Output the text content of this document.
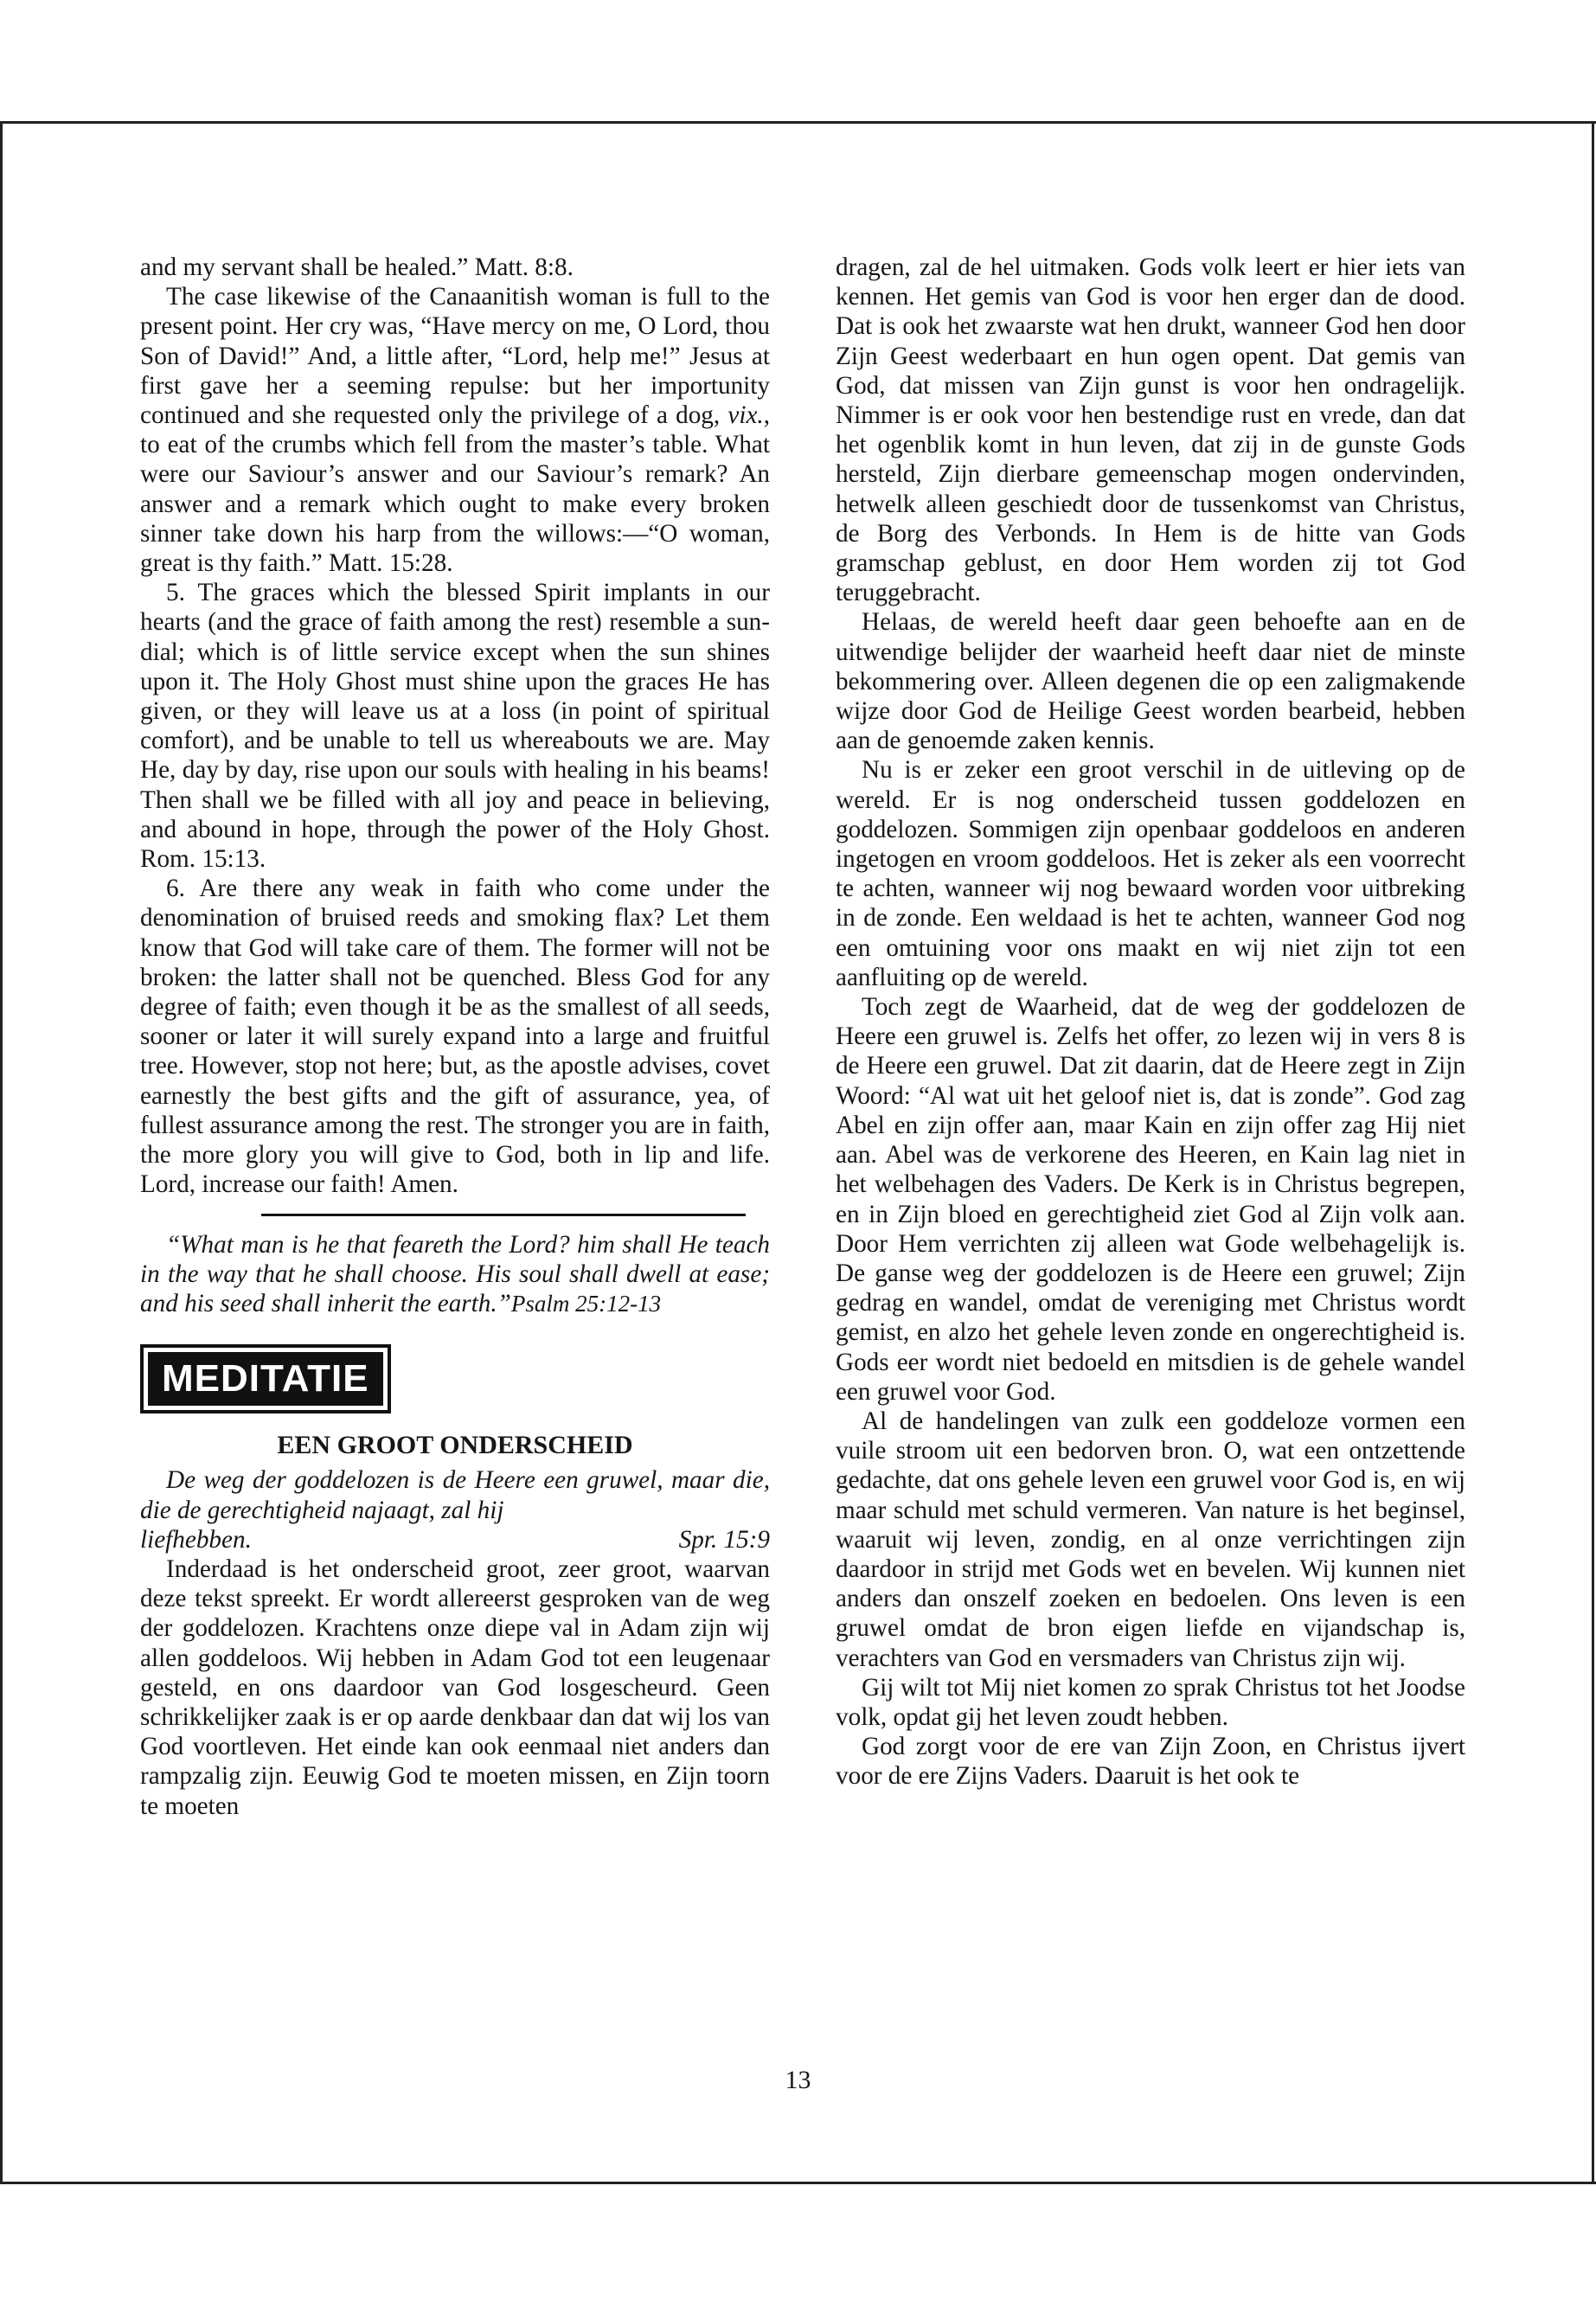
and my servant shall be healed.” Matt. 8:8.

The case likewise of the Canaanitish woman is full to the present point. Her cry was, “Have mercy on me, O Lord, thou Son of David!” And, a little after, “Lord, help me!” Jesus at first gave her a seeming repulse: but her importunity continued and she requested only the privilege of a dog, vix., to eat of the crumbs which fell from the master’s table. What were our Saviour’s answer and our Saviour’s remark? An answer and a remark which ought to make every broken sinner take down his harp from the willows:—“O woman, great is thy faith.” Matt. 15:28.

5. The graces which the blessed Spirit implants in our hearts (and the grace of faith among the rest) resemble a sun-dial; which is of little service except when the sun shines upon it. The Holy Ghost must shine upon the graces He has given, or they will leave us at a loss (in point of spiritual comfort), and be unable to tell us whereabouts we are. May He, day by day, rise upon our souls with healing in his beams! Then shall we be filled with all joy and peace in believing, and abound in hope, through the power of the Holy Ghost. Rom. 15:13.

6. Are there any weak in faith who come under the denomination of bruised reeds and smoking flax? Let them know that God will take care of them. The former will not be broken: the latter shall not be quenched. Bless God for any degree of faith; even though it be as the smallest of all seeds, sooner or later it will surely expand into a large and fruitful tree. However, stop not here; but, as the apostle advises, covet earnestly the best gifts and the gift of assurance, yea, of fullest assurance among the rest. The stronger you are in faith, the more glory you will give to God, both in lip and life. Lord, increase our faith! Amen.

“What man is he that feareth the Lord? him shall He teach in the way that he shall choose. His soul shall dwell at ease; and his seed shall inherit the earth.”Psalm 25:12-13

MEDITATIE
EEN GROOT ONDERSCHEID

De weg der goddelozen is de Heere een gruwel, maar die, die de gerechtigheid najaagt, zal hij

liefhebben.	Spr. 15:9

Inderdaad is het onderscheid groot, zeer groot, waarvan deze tekst spreekt. Er wordt allereerst gesproken van de weg der goddelozen. Krachtens onze diepe val in Adam zijn wij allen goddeloos. Wij hebben in Adam God tot een leugenaar gesteld, en ons daardoor van God losgescheurd. Geen schrikkelijker zaak is er op aarde denkbaar dan dat wij los van God voortleven. Het einde kan ook eenmaal niet anders dan rampzalig zijn. Eeuwig God te moeten missen, en Zijn toorn te moeten

dragen, zal de hel uitmaken. Gods volk leert er hier iets van kennen. Het gemis van God is voor hen erger dan de dood. Dat is ook het zwaarste wat hen drukt, wanneer God hen door Zijn Geest wederbaart en hun ogen opent. Dat gemis van God, dat missen van Zijn gunst is voor hen ondragelijk. Nimmer is er ook voor hen bestendige rust en vrede, dan dat het ogenblik komt in hun leven, dat zij in de gunste Gods hersteld, Zijn dierbare gemeenschap mogen ondervinden, hetwelk alleen geschiedt door de tussenkomst van Christus, de Borg des Verbonds. In Hem is de hitte van Gods gramschap geblust, en door Hem worden zij tot God teruggebracht.

Helaas, de wereld heeft daar geen behoefte aan en de uitwendige belijder der waarheid heeft daar niet de minste bekommering over. Alleen degenen die op een zaligmakende wijze door God de Heilige Geest worden bearbeid, hebben aan de genoemde zaken kennis.

Nu is er zeker een groot verschil in de uitleving op de wereld. Er is nog onderscheid tussen goddelozen en goddelozen. Sommigen zijn openbaar goddeloos en anderen ingetogen en vroom goddeloos. Het is zeker als een voorrecht te achten, wanneer wij nog bewaard worden voor uitbreking in de zonde. Een weldaad is het te achten, wanneer God nog een omtuining voor ons maakt en wij niet zijn tot een aanfluiting op de wereld.

Toch zegt de Waarheid, dat de weg der goddelozen de Heere een gruwel is. Zelfs het offer, zo lezen wij in vers 8 is de Heere een gruwel. Dat zit daarin, dat de Heere zegt in Zijn Woord: “Al wat uit het geloof niet is, dat is zonde”. God zag Abel en zijn offer aan, maar Kain en zijn offer zag Hij niet aan. Abel was de verkorene des Heeren, en Kain lag niet in het welbehagen des Vaders. De Kerk is in Christus begrepen, en in Zijn bloed en gerechtigheid ziet God al Zijn volk aan. Door Hem verrichten zij alleen wat Gode welbehagelijk is. De ganse weg der goddelozen is de Heere een gruwel; Zijn gedrag en wandel, omdat de vereniging met Christus wordt gemist, en alzo het gehele leven zonde en ongerechtigheid is. Gods eer wordt niet bedoeld en mitsdien is de gehele wandel een gruwel voor God.

Al de handelingen van zulk een goddeloze vormen een vuile stroom uit een bedorven bron. O, wat een ontzettende gedachte, dat ons gehele leven een gruwel voor God is, en wij maar schuld met schuld vermeren. Van nature is het beginsel, waaruit wij leven, zondig, en al onze verrichtingen zijn daardoor in strijd met Gods wet en bevelen. Wij kunnen niet anders dan onszelf zoeken en bedoelen. Ons leven is een gruwel omdat de bron eigen liefde en vijandschap is, verachters van God en versmaders van Christus zijn wij.

Gij wilt tot Mij niet komen zo sprak Christus tot het Joodse volk, opdat gij het leven zoudt hebben.

God zorgt voor de ere van Zijn Zoon, en Christus ijvert voor de ere Zijns Vaders. Daaruit is het ook te

13
